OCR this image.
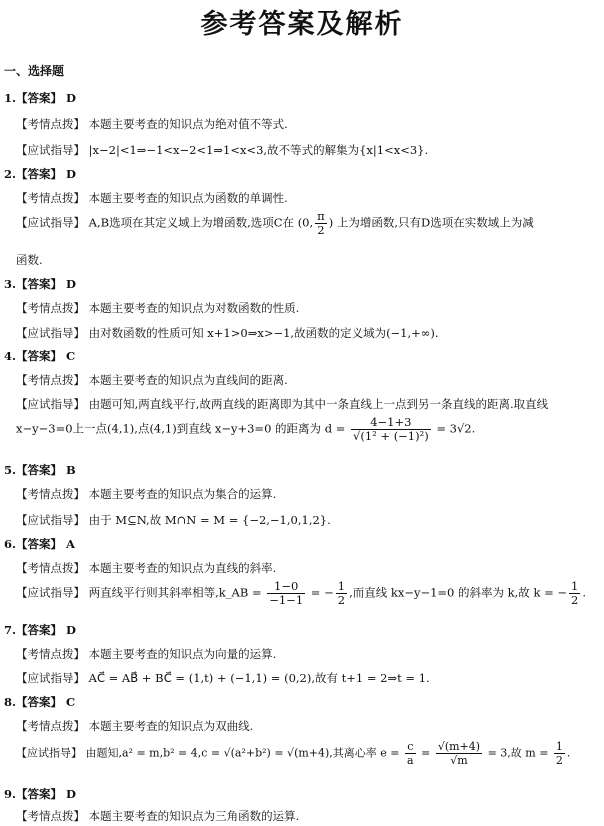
参考答案及解析
一、选择题
1.【答案】 D
【考情点拨】 本题主要考查的知识点为绝对值不等式.
【应试指导】 |x−2|<1⇒−1<x−2<1⇒1<x<3,故不等式的解集为{x|1<x<3}.
2.【答案】 D
【考情点拨】 本题主要考查的知识点为函数的单调性.
【应试指导】 A,B选项在其定义域上为增函数,选项C在 (0, $\frac{\pi}{2}$ ) 上为增函数,只有D选项在实数域上为减
函数.
3.【答案】 D
【考情点拨】 本题主要考查的知识点为对数函数的性质.
【应试指导】 由对数函数的性质可知 x+1>0⇒x>−1,故函数的定义域为(−1,+∞).
4.【答案】 C
【考情点拨】 本题主要考查的知识点为直线间的距离.
【应试指导】 由题可知,两直线平行,故两直线的距离即为其中一条直线上一点到另一条直线的距离.取直线
x−y−3=0上一点(4,1),点(4,1)到直线 x−y+3=0 的距离为 $d = \frac{4-1+3}{\text{√(1² + (−1)²)}} = 3√2$.
5.【答案】 B
【考情点拨】 本题主要考查的知识点为集合的运算.
【应试指导】 由于 M⊆N,故 M∩N = M = {−2,−1,0,1,2}.
6.【答案】 A
【考情点拨】 本题主要考查的知识点为直线的斜率.
【应试指导】 两直线平行则其斜率相等,k_AB = $\frac{1-0}{-1-1}$ = − $\frac{1}{2}$ ,而直线 kx−y−1=0 的斜率为 k,故 k = − $\frac{1}{2}$ .
7.【答案】 D
【考情点拨】 本题主要考查的知识点为向量的运算.
【应试指导】 AC⃗ = AB⃗ + BC⃗ = (1,t) + (−1,1) = (0,2),故有 t+1 = 2⇒t = 1.
8.【答案】 C
【考情点拨】 本题主要考查的知识点为双曲线.
【应试指导】 由题知,a² = m,b² = 4,c = √(a²+b²) = √(m+4),其离心率 $e = \frac{c}{a} = \frac{√(m+4)}{√m} = 3$,故 $m = \frac{1}{2}$ .
9.【答案】 D
【考情点拨】 本题主要考查的知识点为三角函数的运算.
